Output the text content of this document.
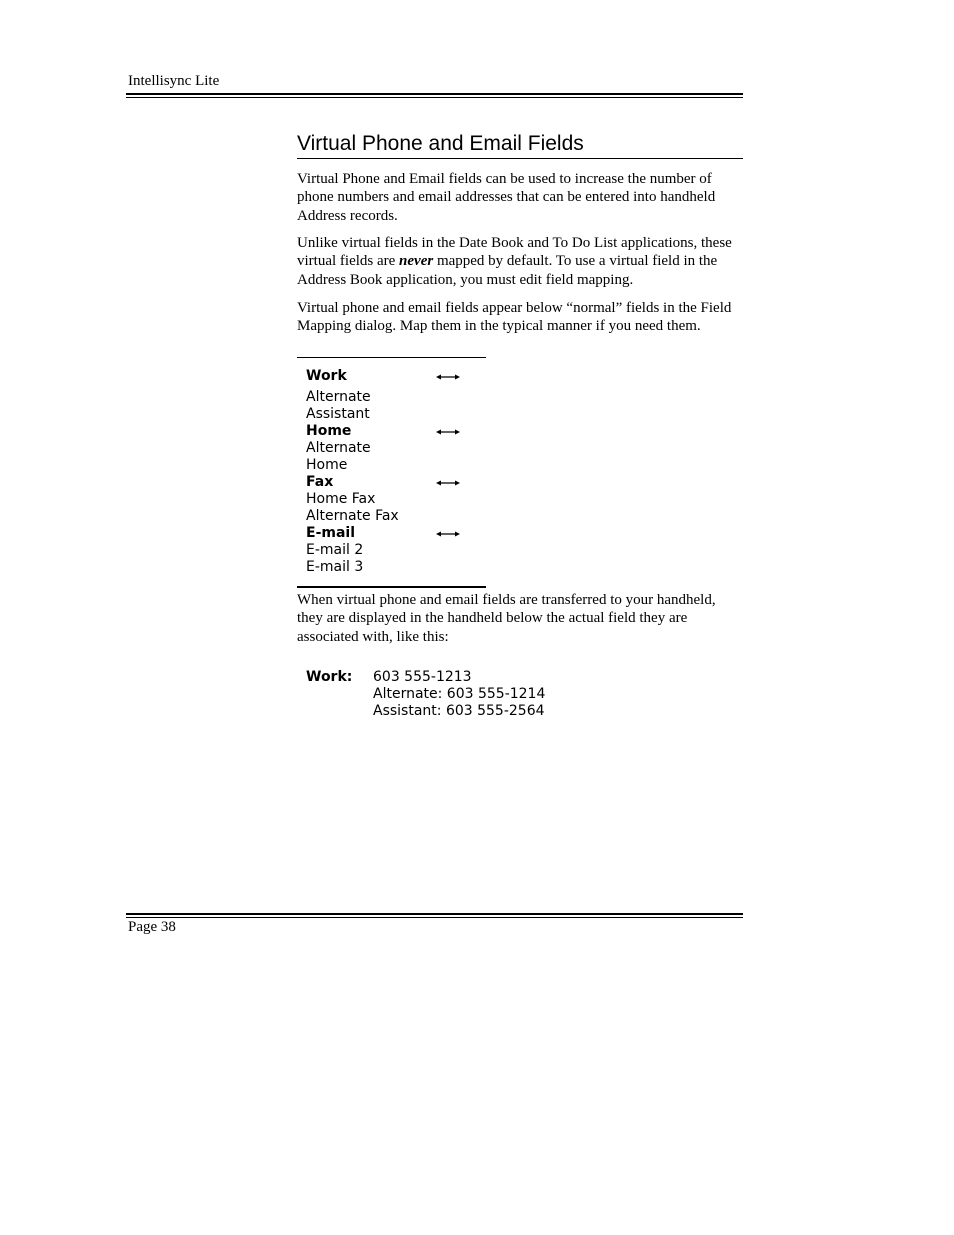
Intellisync Lite
Virtual Phone and Email Fields
Virtual Phone and Email fields can be used to increase the number of phone numbers and email addresses that can be entered into handheld Address records.
Unlike virtual fields in the Date Book and To Do List applications, these virtual fields are never mapped by default. To use a virtual field in the Address Book application, you must edit field mapping.
Virtual phone and email fields appear below “normal” fields in the Field Mapping dialog. Map them in the typical manner if you need them.
Work
Alternate
Assistant
Home
Alternate
Home
Fax
Home Fax
Alternate Fax
E-mail
E-mail 2
E-mail 3
When virtual phone and email fields are transferred to your handheld, they are displayed in the handheld below the actual field they are associated with, like this:
Work: 603 555-1213
Alternate: 603 555-1214
Assistant: 603 555-2564
Page 38
